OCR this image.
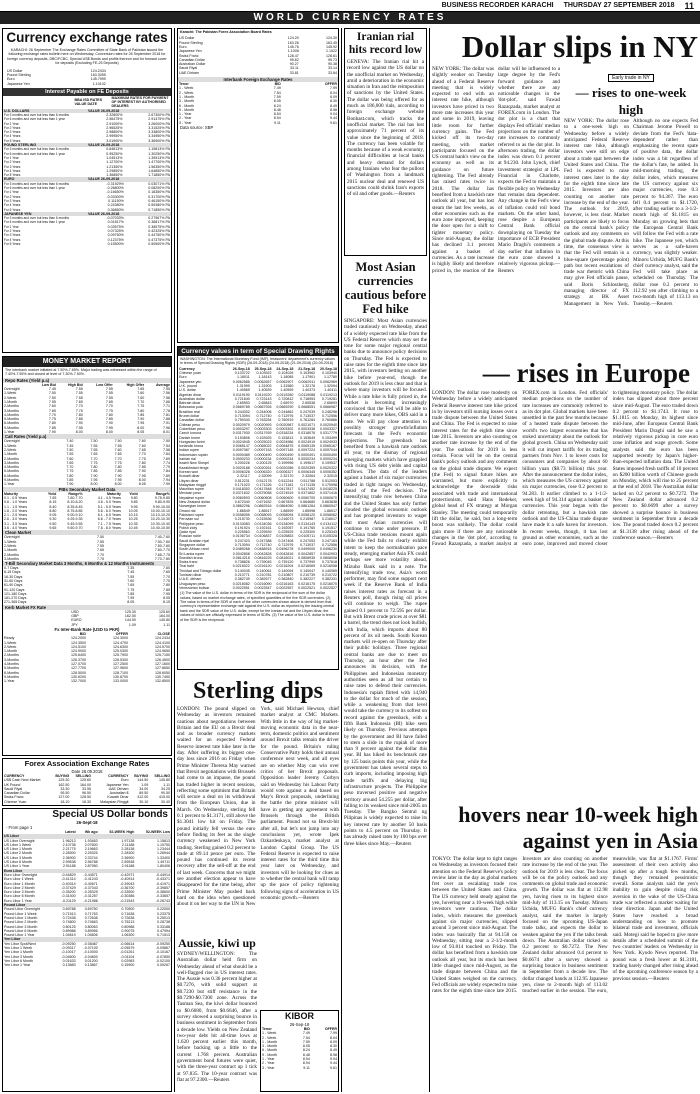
BUSINESS RECORDER KARACHI THURSDAY 27 SEPTEMBER 2018 11
WORLD CURRENCY RATES
Currency exchange rates
KARACHI: 26 September The Exchange Rates Committee of State Bank of Pakistan issued the following exchange rates bulletin here on Wednesday. Conversion rates for 26 September 2018 for foreign currency deposits, DBC/FCBC, Special US$ Bonds and profits thereon and for forward cover for deposits (Excluding FE-25 Deposits)
US Dollar	124.2434
Pound Sterling	163.3055
Euro	145.7999
Japanese Yen	1.10102
Interest Payable on FE Deposits
	BBA ISD RATES VALUE DATE	MAXIMUM RATES FOR PAYMENT OF INTEREST BY AUTHORISED DEALERS
U.S. DOLLARS	VALUE 26-09-2018	
For 3 months and over but less than 6 months	2.32800%	2.67300% PA
For 6 months and over but less than 1 year	2.56475%	2.91475% PA
For 1 Year	2.91000%	3.26000% PA
For 2 Years	2.96525%	3.31525% PA
For 3 Years	2.98800%	3.33800% PA
For 4 Years	2.99950%	3.34950% PA
For 5 Years	3.01900%	3.36900% PA
POUND STERLING	VALUE 26-09-2018	
For 3 months and over but less than 6 months	0.84813%	1.19813% PA
For 6 months and over but less than 1 year	0.95250%	1.30250% PA
For 1 Year	1.04513%	1.39513% PA
For 2 Years	1.12700%	1.47700% PA
For 3 Years	1.21350%	1.56350% PA
For 4 Years	1.29850%	1.64850% PA
For 5 Years	1.36850%	1.71850% PA
EURO	VALUE 26-09-2018	
For 3 months and over but less than 6 months	-0.31929%	0.03071% PA
For 6 months and over but less than 1 year	-0.26800%	0.08200% PA
For 1 Year	-0.16650%	0.18350% PA
For 2 Years	-0.03300%	0.31700% PA
For 3 Years	0.11150%	0.46150% PA
For 4 Years	0.24380%	0.59380% PA
For 5 Years	0.36850%	0.71850% PA
JAPANESE YEN	VALUE 26-09-2018	
For 3 months and over but less than 6 months	-0.07033%	0.27967% PA
For 6 months and over but less than 1 year	0.01817%	0.36817% PA
For 1 Year	0.03575%	0.38575% PA
For 2 Years	0.07325%	0.42325% PA
For 3 Years	0.09750%	0.44750% PA
For 4 Years	0.12375%	0.47375% PA
For 5 Years	0.15500%	0.50500% PA
MONEY MARKET REPORT
The interbank market initiated at 7.50%-7.65%. Major trading was witnessed within the range of 7.40%-7.55% and closed at level of 7.30%-7.50%.
Repo Rates (Yield p.a)
	Low Bid	High Bid	Low Offer	High Offer	Average
Overnight	7.45	7.55	7.55	7.65	7.55
1-Week	7.50	7.55	7.55	7.60	7.56
2-Week	7.50	7.55	7.55	7.60	7.56
1-Month	7.55	7.65	7.65	7.70	7.66
2-Months	7.60	7.70	7.70	7.75	7.71
3-Months	7.65	7.75	7.75	7.80	7.76
4-Months	7.70	7.80	7.80	7.85	7.81
5-Months	7.75	7.85	7.85	7.90	7.86
6-Months	7.80	7.90	7.90	7.95	7.91
9-Months	7.85	7.95	7.95	8.00	7.96
1-Year	7.90	8.00	8.00	8.05	8.01
Call Rates (Yield p.a)
Overnight	7.40	7.50	7.50	7.60	7.50
1-Week	7.45	7.55	7.55	7.60	7.54
2-Week	7.50	7.55	7.60	7.65	7.58
1-Month	7.55	7.65	7.65	7.70	7.64
2-Months	7.60	7.70	7.70	7.75	7.69
3-Months	7.65	7.75	7.75	7.80	7.74
4-Months	7.70	7.80	7.80	7.85	7.79
5-Months	7.75	7.85	7.85	7.90	7.84
6-Months	7.80	7.90	7.90	7.95	7.89
9-Months	7.85	7.95	7.95	8.00	7.94
1-Year	7.90	8.00	8.00	8.05	7.99
PIBs Secondary Market Data
Maturity	Yield	Range%	Maturity	Yield	Range%
0.1 - 0.5 Years	7.65	7.60-7.70	4.1 - 4.5 Years	9.80	9.75-9.85
0.6 - 1.0 Years	8.15	8.10-8.20	4.6 - 5.0 Years	9.85	9.80-9.90
1.1 - 1.5 Years	8.40	8.35-8.45	5.1 - 5.5 Years	9.95	9.90-10.00
1.6 - 2.0 Years	8.80	8.75-8.85	5.6 - 6.0 Years	10.05	10.00-10.10
2.1 - 2.5 Years	9.05	9.00-9.10	6.1 - 6.5 Years	10.15	10.10-10.20
2.6 - 3.0 Years	9.30	9.25-9.35	6.6 - 7.0 Years	10.25	10.20-10.30
3.1 - 3.5 Years	9.50	9.45-9.55	7.1 - 7.5 Years	10.35	10.30-10.40
3.6 - 4.0 Years	9.65	9.60-9.70	7.6 - 8.0 Years	10.45	10.40-10.50
Clean Market
Overnight	7.50	7.40-7.60
1-Week	7.55	7.50-7.60
2-Week	7.55	7.50-7.60
1-Month	7.65	7.60-7.70
2-Months	7.70	7.65-7.75
3-Months	7.75	7.70-7.80
T-Bill Secondary Market Data 3 Months, 6 Months & 12 Months Instruments
0-7 Days	7.35	7.60
8-15 Days	7.45	7.65
16-30 Days	7.55	7.70
31-60 Days	7.60	7.75
61-90 Days	7.65	7.80
91-120 Days	7.75	7.85
121-180 Days	7.85	7.95
181-270 Days	7.95	8.05
271-365 Days	8.05	8.15
Kerb Market FX Rate
USD	125.30	125.60
GBP	162.50	164.00
EURO	144.50	145.80
JPY	1.09	1.11
Fx Inter-Bank Rate (USD to PKR)
	BID	OFFER	CLOSE
Ready	124.2000	124.3000	124.2434
1-Week	124.3500	124.4700	124.4100
2-Week	124.5100	124.6300	124.5700
1-Month	124.9000	125.0300	124.9650
2-Months	125.6400	125.7900	125.7150
3-Months	126.3700	126.5300	126.4500
4-Months	127.0700	127.2500	127.1600
5-Months	127.7700	127.9600	127.8650
6-Months	128.5000	128.7100	128.6050
9-Months	130.6200	130.8700	130.7450
1-Year	132.7000	133.0000	132.8500
Forex Association Exchange Rates
Date 26.09.2018
CURRENCY	BUYING	SELLING	CURRENCY	BUYING	SELLING
US$ Cash New Market	125.30	125.60	Euro	144.50	145.80
UK Pound	162.50	164.00	Japanese Yen	1.09	1.11
Saudi Riyal	33.30	33.55	UAE Dirham	34.00	34.25
Canadian Dollar	95.50	96.50	Australian $	89.50	90.50
Swiss Franc	127.00	128.50	Kuwaiti Dinar	412.00	415.00
Chinese Yuan	18.10	18.30	Malaysian Ringgit	30.10	30.40
Special US Dollar bonds
26-Sept-18
- From page 1
	Latest	Wk ago	52-WEEK High	52-WEEK Low
US Libor				
US Libor Overnight	1.96213	1.93463	1.97138	1.15813
US Libor 1 Week	2.10738	2.07600	2.11188	1.19750
US Libor 1 Month	2.21775	2.19663	2.28138	1.23444
US Libor 2 Month	2.28300	2.25325	2.28300	1.26944
US Libor 3 Month	2.36900	2.33744	2.36900	1.33400
US Libor 6 Month	2.59538	2.56788	2.59538	1.49711
US Libor 1 Year	2.91188	2.87950	2.91188	1.80406
Euro Libor				
Euro Libor Overnight	-0.44829	-0.44571	-0.42971	-0.44914
Euro Libor 1 Week	-0.41314	-0.41243	-0.40914	-0.43371
Euro Libor 1 Month	-0.40314	-0.40671	-0.39043	-0.41971
Euro Libor 2 Month	-0.37429	-0.37043	-0.36700	-0.39857
Euro Libor 3 Month	-0.35200	-0.35329	-0.33500	-0.38600
Euro Libor 6 Month	-0.31400	-0.31257	-0.30386	-0.33657
Euro Libor 1 Year	-0.21129	-0.21986	-0.21543	-0.26743
Pound Libor				
Pound Libor Overnight	0.69788	0.69750	0.70500	0.22000
Pound Libor 1 Week	0.71513	0.71763	0.71638	0.23375
Pound Libor 1 Month	0.72438	0.72638	0.72638	0.25013
Pound Libor 2 Month	0.74800	0.74663	0.75213	0.28738
Pound Libor 3 Month	0.80125	0.80063	0.80988	0.33188
Pound Libor 6 Month	0.89988	0.89956	0.90075	0.47994
Pound Libor 1 Year	1.04619	1.04606	1.06300	0.71513
Yen Libor				
Yen Libor Spot/Next	-0.09250	-0.08467	-0.06614	-0.09250
Yen Libor 1 Week	-0.09317	-0.07100	-0.05579	-0.09867
Yen Libor 1 Month	-0.10017	-0.10000	-0.01261	-0.10167
Yen Libor 3 Month	-0.04600	-0.04600	-0.01104	-0.07850
Yen Libor 6 Month	0.01633	0.01200	0.02983	-0.02100
Yen Libor 1 Year	0.13883	0.13867	0.15900	0.09267
Karachi: The Pakistan Forex Association Board Rates
US Dollar	124.20	124.30
Pound Sterling	163.26	163.45
Euro	145.76	145.92
Japanese Yen	1.1008	1.1022
Swiss Franc	128.47	128.61
Canadian Dollar	95.62	95.73
Australian Dollar	90.27	90.38
Saudi Riyal	33.11	33.14
UAE Dirham	33.81	33.84
Interbank Foreign Exchange Rates
Tenor	BID	OFFER
1 - Week	7.49	7.99
2 - Week	7.54	8.04
1 - Month	7.59	8.09
3 - Month	8.05	8.30
6 - Month	8.24	8.49
9 - Month	8.48	8.98
1 - Year	8.54	9.04
2 - Year	8.94	9.44
3 - Year	9.11	9.61
Data source: SBP
Currency values in term of Special Drawing Rights
WASHINGTON: The International Monetary Fund (IMF), treasurers' department's currency values in terms of Special Drawing Rights (SDR) (26-09-2018) (24-09-2018) (21-09-2018) (20-09-2018)
Currency	26-Sep-18	25-Sep-18	24-Sep-18	21-Sep-18	20-Sep-18
Chinese yuan	0.103722	0.103922	0.104026	0.103962	0.103940
Euro	1.18011	1.18143	1.18085	1.17901	1.17780
Japanese yen	0.0062585	0.0062657	0.0062907	0.0062911	0.0062969
U.K. pound	1.31999	1.31903	1.31580	1.32176	1.32094
U.S. dollar	1.40565	1.40539	1.40599	1.40373	1.40411
Algerian dinar	0.0119190	0.0119220	0.0119280	0.0119088	0.0119213
Australian dollar	0.721640	0.723143	0.720812	0.718953	0.719281
Bahrain dinar	2.65953	2.65843	2.65970	2.65538	2.65693
Botswana pula	0.0669785	0.0667926	0.0669290	0.0668051	0.0666987
Brazilian real	0.244302	0.244006	0.244862	0.247039	0.246296
Brunei dollar	0.713094	0.712740	0.712976	0.713037	0.712556
Canadian dollar	0.759340	0.763254	0.760919	0.761284	0.760866
Chilean peso	0.0020979	0.0020993	0.0020987	0.0021071	0.0020940
Colombian peso	0.0003297	0.0003303	0.0003302	0.0003338	0.0003327
Czech koruna	0.0317930	0.0317939	0.0318234	0.0318076	0.0317779
Danish krone	0.153806	0.153925	0.153813	0.153649	0.153499
Hungarian forint	0.0024945	0.0025023	0.0024986	0.0024919	0.0024933
Icelandic krona	0.0065147	0.0065022	0.0064875	0.0065135	0.0065167
Indian rupee	0.0097087	0.0097153	0.0097145	0.0097224	0.0097044
Indonesian rupiah	0.0000489	0.0000490	0.0000490	0.0000491	0.0000490
Iranian rial	0.0000233	0.0000234	0.0000234	0.0000234	0.0000234
Israeli New Sheqel	0.200226	0.200125	0.199996	0.199617	0.199537
Kazakhstani tenge	0.0020188	0.0020261	0.0020286	0.0020359	0.0020322
Korean won	0.0006326	0.0006320	0.0006327	0.0006345	0.0006352
Kuwaiti dinar	2.32117	2.32099	2.32170	2.32064	2.32015
Libyan dinar	0.512231	0.512178	0.512244	0.511788	0.512003
Malaysian ringgit	0.171023	0.171226	0.171181	0.171135	0.170998
Mauritian rupee	0.0418353	0.0417848	0.0417817	0.0417452	0.0418225
Mexican peso	0.0371632	0.0375058	0.0374519	0.0371802	0.0371416
Nepalese rupee	0.0060593	0.0060608	0.0060600	0.0060700	0.0060670
New Zealand dollar	0.672340	0.671632	0.667825	0.664680	0.663838
Norwegian krone	0.0862296	0.0862516	0.0864050	0.0861264	0.0860547
Omani rial	1.86549	1.86517	1.86599	1.85998	1.86017
Pakistani rupee	0.0058055	0.0058093	0.0058094	0.0058120	0.0058062
Peruvian sol	0.215730	0.215536	0.216073	0.215987	0.216017
Philippine peso	0.0134083	0.0134036	0.0134099	0.0134143	0.0134112
Polish zloty	0.191924	0.192161	0.192057	0.191760	0.191517
Qatar riyal	0.225563	0.225539	0.225525	0.225300	0.225343
Russian ruble	0.0106734	0.0106837	0.0105853	0.0105711	0.0105328
Saudi Arabian riyal	0.247423	0.247388	0.247408	0.247053	0.247163
Singapore dollar	0.713094	0.712740	0.712976	0.713037	0.712556
South African rand	0.0489268	0.0488915	0.0496278	0.0499000	0.0496230
Sri Lanka rupee	0.0042808	0.0042828	0.0042816	0.0042857	0.0042903
Swedish krona	0.0814218	0.0816225	0.0816021	0.0808935	0.0808008
Swiss franc	0.738826	0.739045	0.739120	0.737990	0.737618
Thai baht	0.0216022	0.0216120	0.0216204	0.0216069	0.0216058
Trinidad and Tobago dollar	0.140045	0.140061	0.140094	0.140047	0.140065
Tunisian dinar	0.210771	0.210781	0.210807	0.210739	0.210722
U.A.E. dirham	0.382749	0.382677	0.382840	0.382227	0.382331
Uruguayan peso	0.0216082	0.0216090	0.0216163	0.0216175	0.0216070
Venezuelan bolivar	0.0022551	0.0022547	0.0022557	0.0022521	0.0022527
(1) The value of the U.S. dollar in terms of the SDR is the reciprocal of the sum of the dollar values, based on market exchange rates, of specified quantities of the five SDR currencies. (2) The value in terms of the SDR of each of the other currencies shown above is derived from that currency's representative exchange rate against the U.S. dollar as reported by the issuing central bank and the SDR value of the U.S. dollar, except for the Iranian rial and the Libyan dinar, the values of which are officially expressed in terms of SDRs. (3) The value of the U.S. dollar in terms of the SDR is the reciprocal.
Sterling dips
LONDON: The pound slipped on Wednesday as investors remained cautious about negotiations between Britain and the EU on a Brexit deal and as broader currency markets waited for an expected Federal Reserve interest rate hike later in the day. After suffering its biggest one-day loss since 2016 on Friday when Prime Minister Theresa May warned that Brexit negotiations with Brussels had come to an impasse, the pound has traded higher in recent sessions, reflecting some optimism that Britain will secure a deal on its withdrawal from the European Union, due in March. On Wednesday, sterling fell 0.1 percent to $1.3171, still above the $1.3041 low hit on Friday. The pound initially fell versus the euro before finding its feet as the single currency weakened in New York trading. Sterling gained 0.2 percent to trade at 89.14 pence per euro. The pound has continued its recent recovery after the sell-off at the end of last week. Concerns that we might see another election appear to have disappeared for the time being, after Prime Minister May pushed back hard on the idea when questioned about it on her way to the UN in New York, said Michael Hewson, chief market analyst at CMC Markets. With little in the way of big market-moving economic data in the near-term, domestic politics and sentiment around Brexit talks remain the driver for the pound. Britain's ruling Conservative Party holds their annual conference next week, and all eyes are on whether May can win over critics of her Brexit proposals. Opposition leader Jeremy Corbyn said on Wednesday his Labour Party would vote against a deal based on May's Brexit proposals, underlining the battle the prime minister will have in getting any agreement with Brussels through the British parliament. Pound not so Brexit-hit after all, but let's not jump into any conclusions yet, wrote Ipek Ozkardeskaya, market analyst at London Capital Group. The US Federal Reserve is expected to raise interest rates for the third time this year later on Wednesday, and investors will be looking for clues as to whether the central bank will ramp up the pace of policy tightening following signs of acceleration in US economic growth.—Reuters
Aussie, kiwi up
SYDNEY/WELLINGTON: The Australian dollar held firm on Wednesday ahead of what should be a well-flagged rise in US interest rates. The Aussie was 0.36 percent higher at $0.7276, with solid support at $0.7230 but stiff resistance in the $0.7290-$0.7300 zone. Across the Tasman Sea, the kiwi dollar bounced to $0.6680, from $0.6646, after a survey showed a surprising bounce in business sentiment in September from a decade low. Yields on New Zealand two-year debt bit all-time lows at 1.620 percent earlier this month, before backing up a little to the current 1.768 percent. Australian government bond futures were quiet, with the three-year contract up 1 tick at 97.835. The 10-year contract was flat at 97.2300.—Reuters
KIBOR
26-Sep-18
Tenor	BID	OFFER
1 - Week	7.49	7.99
2 - Week	7.54	8.04
1 - Month	7.59	8.09
3 - Month	8.05	8.30
6 - Month	8.24	8.49
9 - Month	8.48	8.98
1 - Year	8.54	9.04
2 - Year	8.94	9.44
3 - Year	9.11	9.61
Iranian rial hits record low
GENEVA: The Iranian rial hit a record low against the US dollar on the unofficial market on Wednesday, amid a deterioration in the economic situation in Iran and the reimposition of sanctions by the United States. The dollar was being offered for as much as 186,000 rials, according to foreign exchange website Bonbast.com, which tracks the unofficial market. The rial has lost approximately 71 percent of its value since the beginning of 2018. The currency has been volatile for months because of a weak economy, financial difficulties at local banks and heavy demand for dollars among Iranians who fear the pullout of Washington from a landmark 2015 nuclear deal and renewed US sanctions could shrink Iran's exports of oil and other goods.—Reuters
Most Asian currencies cautious before Fed hike
SINGAPORE: Most Asian currencies traded cautiously on Wednesday, ahead of a widely expected rate hike from the US Federal Reserve which may set the tone for some major regional central banks due to announce policy decisions on Thursday. The Fed is expected to raise rates for the eighth time since late 2015, with investors betting on another hike before year-end, though the outlook for 2019 is less clear and that is where many investors will be focused. While a rate hike is fully priced in, the market is becoming increasingly convinced that the Fed will be able to deliver many more hikes, OBS said in a note. We will pay close attention to possibly stronger growth/inflation forecasts in the Fed's economic projections. The greenback has benefited from a hawkish rate outlook all year, to the dismay of regional emerging markets which have grappled with rising US debt yields and capital outflows. The data of the leaders against a basket of six major currencies traded in tight ranges on Wednesday, ahead of the Fed decision. The intensifying trade row between China and the United States has only further clouded the global economic outlook and has prompted investors to wager that most Asian currencies will continue to come under pressure. If US-China trade tensions mount again while the Fed fails to clearly exhibit intent to keep the normalisation pace steady, emerging market Asia FX could perhaps see more volatility ahead, Mizuho Bank said in a note. The intensifying trade row, Asia's worst performer, may find some support next week if the Reserve Bank of India raises interest rates as forecast in a Reuters poll, though rising oil prices will continue to weigh. The rupee gained 0.1 percent to 72.595 per dollar. But with Brent crude prices at over $81 a barrel, the trend does not look bullish, with India, which imports about 80 percent of its oil needs. South Korean markets will re-open on Thursday after their public holidays. Three regional central banks are due to meet on Thursday, an hour after the Fed announces its decision, with the Philippines and Indonesian monetary authorities seen as all but certain to raise rates to defend their currencies. Indonesia's rupiah flirted with 14,940 to the dollar for much of the session, while a weakening from that level would take the currency to its softest on record against the greenback, with a fifth Bank Indonesia (BI) hike seen likely on Thursday. Previous attempts by the government and BI have failed to stem a slide in the rupiah of more than 9 percent against the dollar this year. BI has hiked its benchmark rate by 125 basis points this year, while the government has taken several steps to curb imports, including imposing high trade tariffs and delaying big infrastructure projects. The Philippine peso traversed positive and negative territory around 54.255 per dollar, after falling to its weakest since mid-2005 on Tuesday. The Bangko Sentral ng Pilipinas is widely expected to raise its key interest rate by another 50 basis points to 4.5 percent on Thursday. It has already raised rates by 100 bps over three hikes since May.—Reuters
Dollar slips in NY
NEW YORK: The dollar was slightly weaker on Tuesday ahead of a Federal Reserve meeting that is widely expected to end with an interest rate hike, although investors have priced in two more rate increases this year and some in 2019, leaving little room for further currency gains. The Fed kicked off its two-day meeting, with market participants focused on the US central bank's view on the economy as well as its guidance on future tightening. The Fed already has raised rates twice in 2018. The dollar has benefited from a hawkish rate outlook all year, but has lost steam the last few weeks, as other economies such as the euro zone improved, keeping the door open for a shift to tighter monetary policy. Since mid-August, the dollar has declined 3.1 percent against a basket of currencies. As a rate increase is highly likely and therefore priced in, the reaction of the dollar will be influenced to a large degree by the Fed's forward guidance and whether there are any noticeable changes in the 'dot-plot', said Fawad Razaqzada, market analyst at FOREX.com in London. The dot plot is a chart that displays Fed officials' median projections on the number of rate increases to commonly referred to as the dot plot. In afternoon trading, the dollar index was down 0.1 percent at 94.230. John Lynch, chief investment strategist at LPL Financial in Charlotte, expects the Fed to maintain a flexible policy on Wednesday that remains data dependent. Any change in the Fed's view of inflation could roil bond markets. On the other hand, rose despite a European Central Bank official downplaying on Tuesday the importance of ECB President Mario Draghi's comments a day earlier that inflation in the euro zone showed a relatively vigorous pickup.—Reuters
Early trade in NY
— rises to one-week high
NEW YORK: The dollar rose to a one-week high on Wednesday before a widely anticipated Federal Reserve interest rate hike, although investors were still on edge about a trade spat between the United States and China. The Fed is expected to raise interest rates later in the day for the eighth time since late 2015. Investors are also counting on another rate increase by the end of the year. The outlook for 2019, however, is less clear. Market participants are likely to focus on the central bank's policy outlook and any comments on the global trade dispute. At this time, the consensus view is that the Fed will remain in a blue-square (percentage point) path but recent escalations of trade war rhetoric with China may give Fed officials pause, said Boris Schlossberg, managing director of FX strategy at BK Asset Management in New York. Although no one expects Fed Chairman Jerome Powell to deviate from the Fed's 'data-dependent' rather than emphasizing the recent spate of positive data, the dollar index was a bit regardless of the dollar's fate, he added. In mid-morning trading, the dollar index, which measures the US currency against six major currencies, rose 0.3 percent to 94.367. The euro fell 0.4 percent to $1.1720, after trading earlier to a 3-1/2-month high of $1.1815 on Monday on growing bets that the European Central Bank will follow the Fed with a rate hike. The Japanese yen, which serves as a safe-haven currency, was slightly weaker. Minoru Uchida, MUFG Bank's chief currency analyst, said the Fed will take place as scheduled on Thursday. The dollar rose 0.2 percent to 112.92 yen after climbing to a two-month high of 113.13 on Tuesday.—Reuters
— rises in Europe
LONDON: The dollar rose modestly on Wednesday before a widely anticipated Federal Reserve interest rate hike priced in by investors still nursing losses over a trade dispute between the United States and China. The Fed is expected to raise interest rates for the eighth time since late 2015. Investors are also counting on another rate increase by the end of the year. The outlook for 2019 is less certain. Focus will be on the central bank's policy outlook and any comments on the global trade dispute. We expect (the Fed) to signal future hikes are warranted, but more explicitly to acknowledge the downside risks associated with trade and international protectionism, said Hans Redeker, global head of FX strategy at Morgan Stanley. The meeting could temporarily lift the dollar, he said, but a long-term boost was unlikely. The dollar could gain more if there are any noticeable changes in the 'dot plot', according to Fawad Razaqzada, a market analyst at FOREX.com in London. Fed officials' median projections on the number of rate increases are commonly referred to as its dot plot. Global markets have been unsettled in the past few months because of a heated trade dispute between the world's two largest economies that has stoked uncertainty about the outlook for global growth. China on Wednesday said it will cut import tariffs for its trading partners from Nov. 1 to lower costs for consumers and companies by about 60 billion yuan ($8.73 billion) this year. After the announcement the dollar index, which measures the US currency against six major currencies, rose 0.2 percent to 94.283. It earlier climbed to a 1-1/2-week high of 94.314 against a basket of currencies. This year began with the dollar retreating, but a hawkish rate outlook and the US-China trade dispute have made it a safe haven for investors. In recent weeks, though, it has lost ground as other economies, such as the euro zone, improved and moved closer to tightening monetary policy. The dollar index has slipped about three percent since mid-August. The euro traded down 0.2 percent to $1.1743. It rose to $1.1815 on Monday, its highest since mid-June, after European Central Bank President Mario Draghi said he saw a relatively vigorous pickup in core euro zone inflation and wage growth. Some analysts said the euro has been supported recently by Japan's higher-than-expected inflation data. The United States imposed fresh tariffs of 10 percent on $200 billion worth of Chinese goods on Monday, which will rise to 25 percent at the end of 2018. The Australian dollar tacked on 0.2 percent to $0.7272. The New Zealand dollar advanced 0.2 percent to $0.6699 after a survey showed a surprise bounce in business sentiment in September from a decade low. The pound traded down 0.2 percent at $1.3138 after rising ahead of the conference season.—Reuters
hovers near 10-week high against yen in Asia
TOKYO: The dollar kept to tight ranges on Wednesday as investors focused their attention on the Federal Reserve's policy review later in the day as global markets fret over an escalating trade row between the United States and China. The US currency held steady against the yen, hovering near a 10-week high while investors were cautious. The dollar index, which measures the greenback against six major currencies, slipped around 3 percent since mid-August. The index was basically flat at 94.158 on Wednesday, sitting near a 2-1/2-month low of 93.814 touched on Friday. The dollar has benefited from a hawkish rate outlook all year, but its stock has been little changed since mid-August, as the trade dispute between China and the United States weighed on the currency. Fed officials are widely expected to raise rates for the eighth time since late 2015. Investors are also counting on another rate increase by the end of the year. The outlook for 2019 is less clear. The focus will be on the policy outlook and any comments on global trade and economic growth. The dollar was flat at 112.98 yen, having risen to its highest since mid-July of 113.15 on Tuesday. Minoru Uchida, MUFG Bank's chief currency analyst, said the market is largely focused on the upcoming US-Japan trade talks, and expects the dollar to weaken against the yen if the talks break down. The Australian dollar ticked on 0.2 percent to $0.7272. The New Zealand dollar advanced 0.4 percent to $0.6674 after a survey showed a surprising bounce in business sentiment in September from a decade low. The dollar changed hands at 112.95 Japanese yen, close to 2-month high of 113.02 touched earlier in the session. The euro, meanwhile, was flat at $1.1767. Firms' assessment of their own activity also picked up after a tough few months, though they remained pessimistic overall. Some analysts said the yen's inability to gain despite rising risk aversion in the wake of the US-China trade war reflected a market waiting for clear direction. Japan and the United States have reached a broad understanding on how to promote bilateral trade and investment, officials said. Motegi said he hoped to give more details after a scheduled summit of the two countries' leaders on Wednesday in New York. Kyodo News reported. The pound was a fresh lower at $1.3181, trading barely changed after rising ahead of the upcoming conference season by a previous session.—Reuters
